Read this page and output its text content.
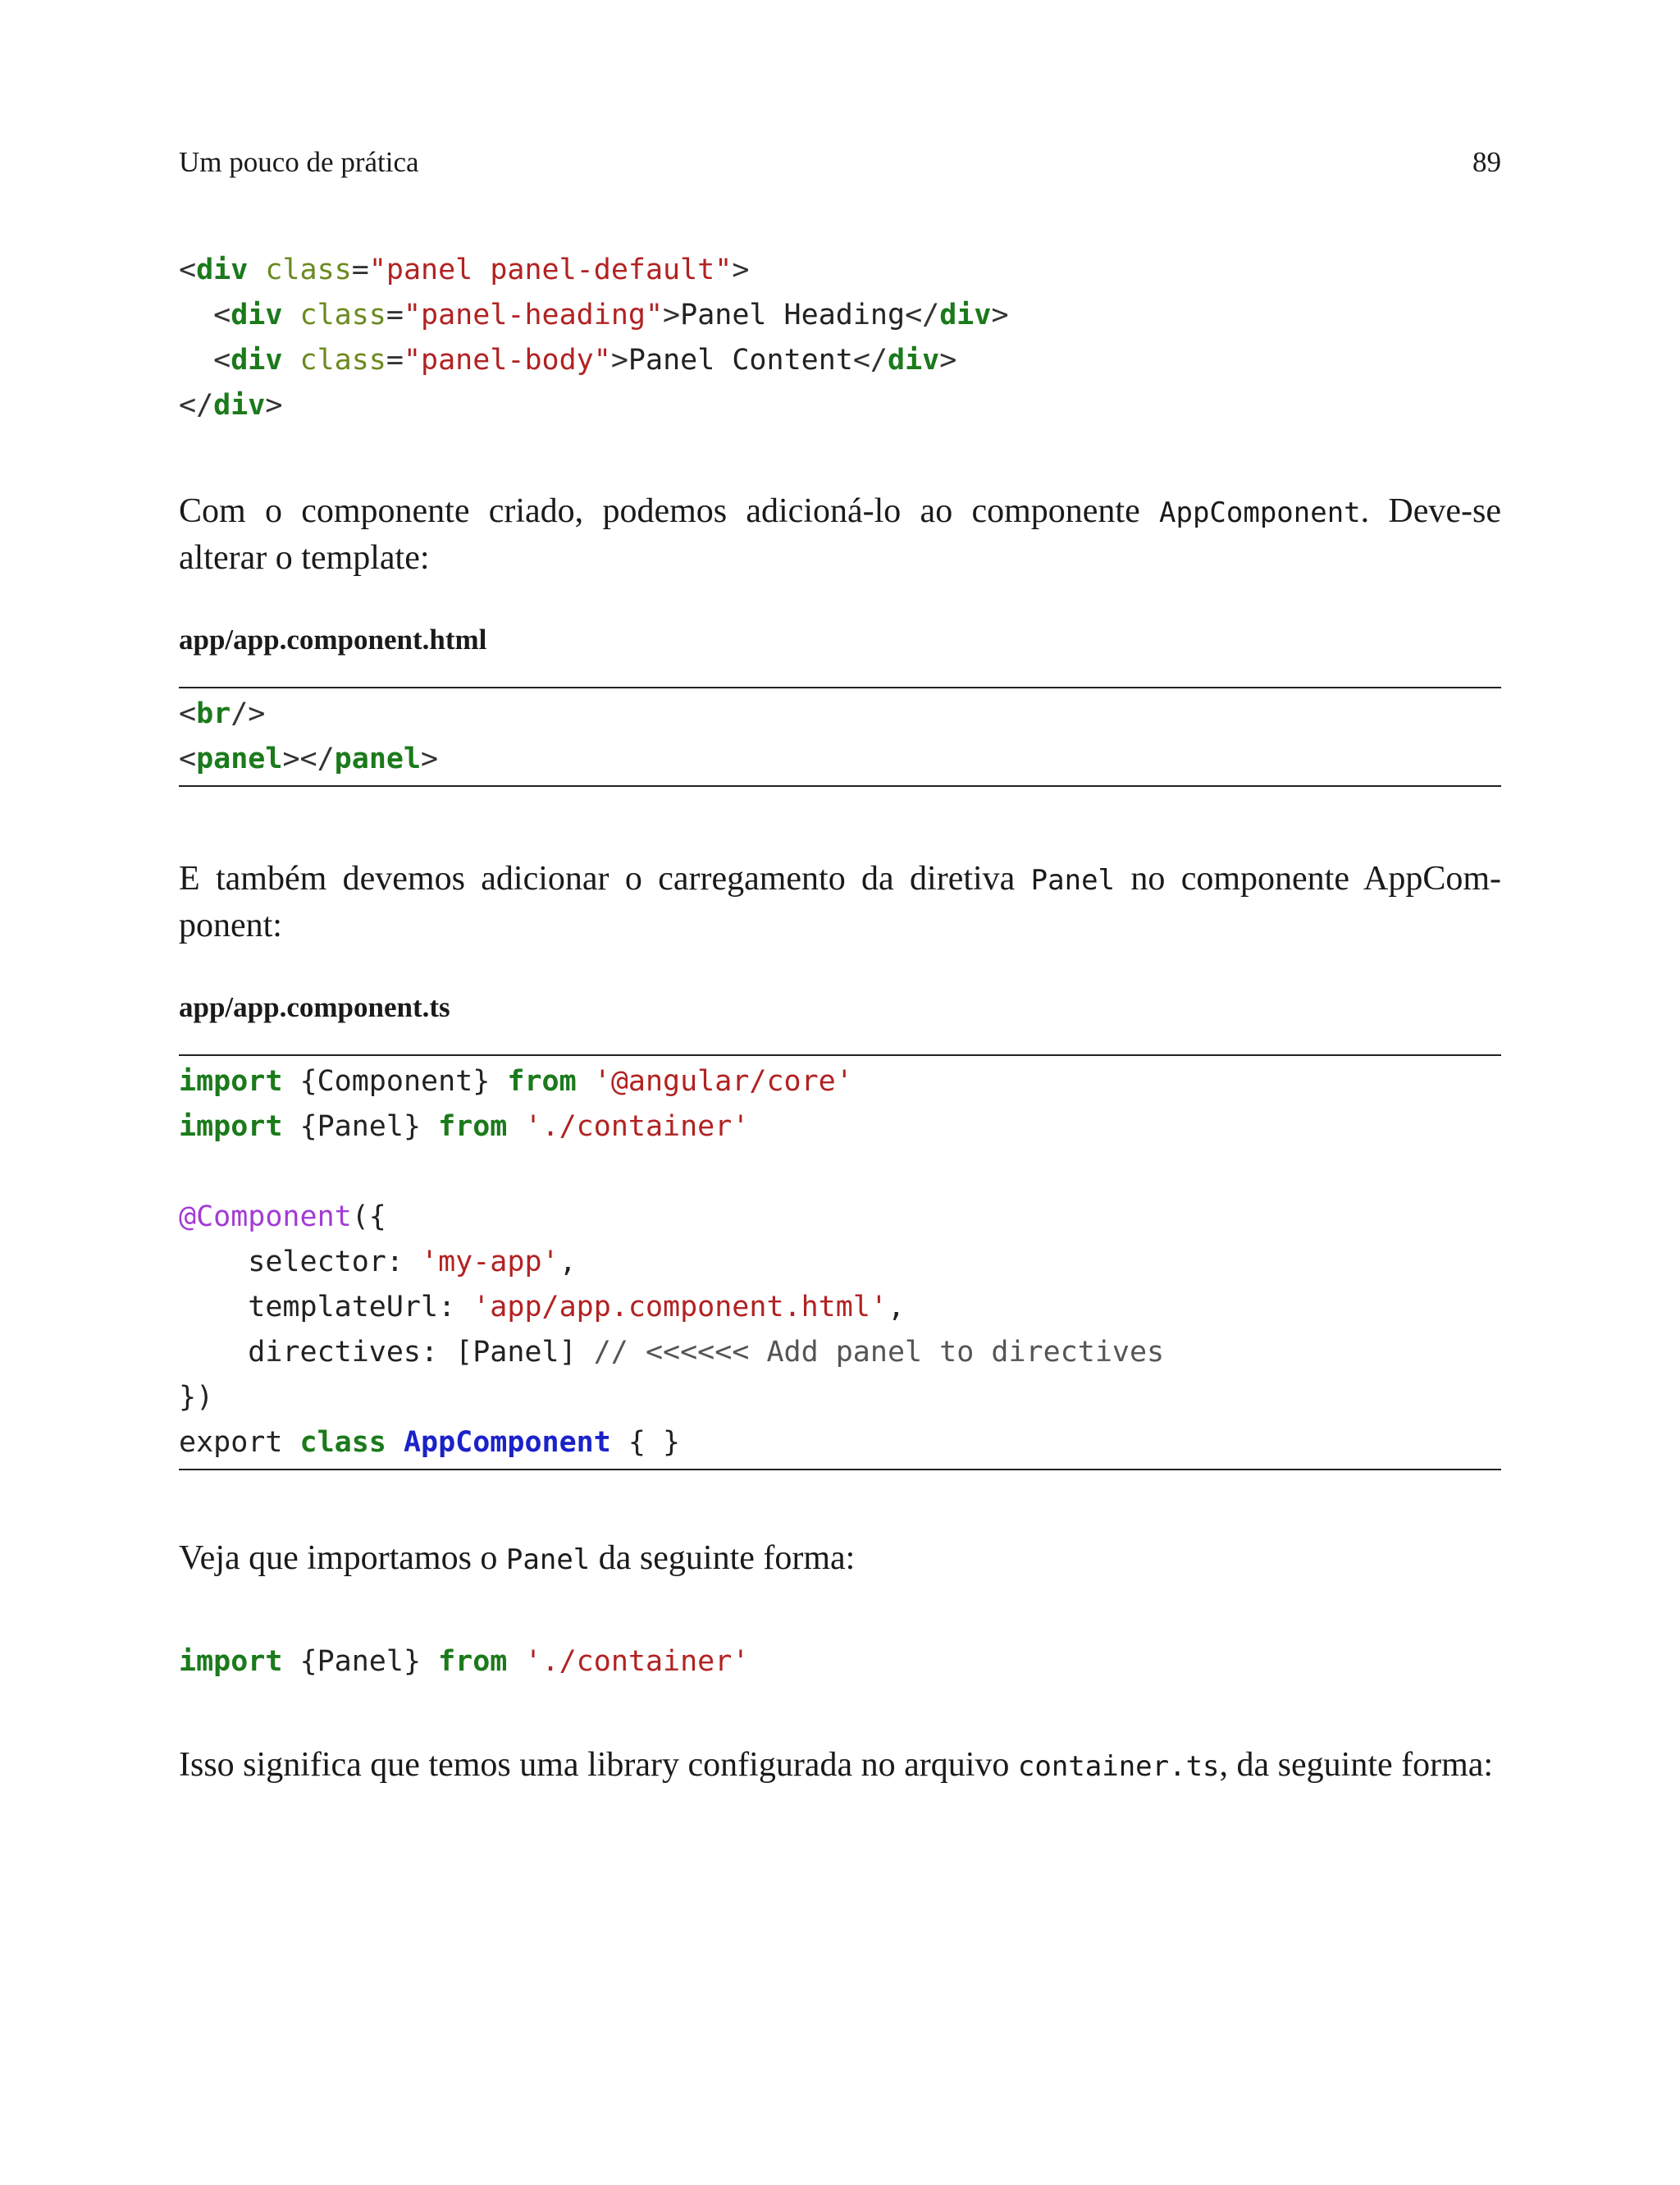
Um pouco de prática	89
<div class="panel panel-default">
<div class="panel-heading">Panel Heading</div>
<div class="panel-body">Panel Content</div>
</div>

Com o componente criado, podemos adicioná-lo ao componente AppComponent. Deve-se alterar o template:

app/app.component.html

<br/>
<panel></panel>

E também devemos adicionar o carregamento da diretiva Panel no componente AppCom-ponent:

app/app.component.ts

import {Component} from '@angular/core'
import {Panel} from './container'

@Component({
selector: 'my-app',
templateUrl: 'app/app.component.html',
directives: [Panel] // <<<<<< Add panel to directives
})
export class AppComponent { }

Veja que importamos o Panel da seguinte forma:

import {Panel} from './container'

Isso significa que temos uma library configurada no arquivo container.ts, da seguinte forma:
